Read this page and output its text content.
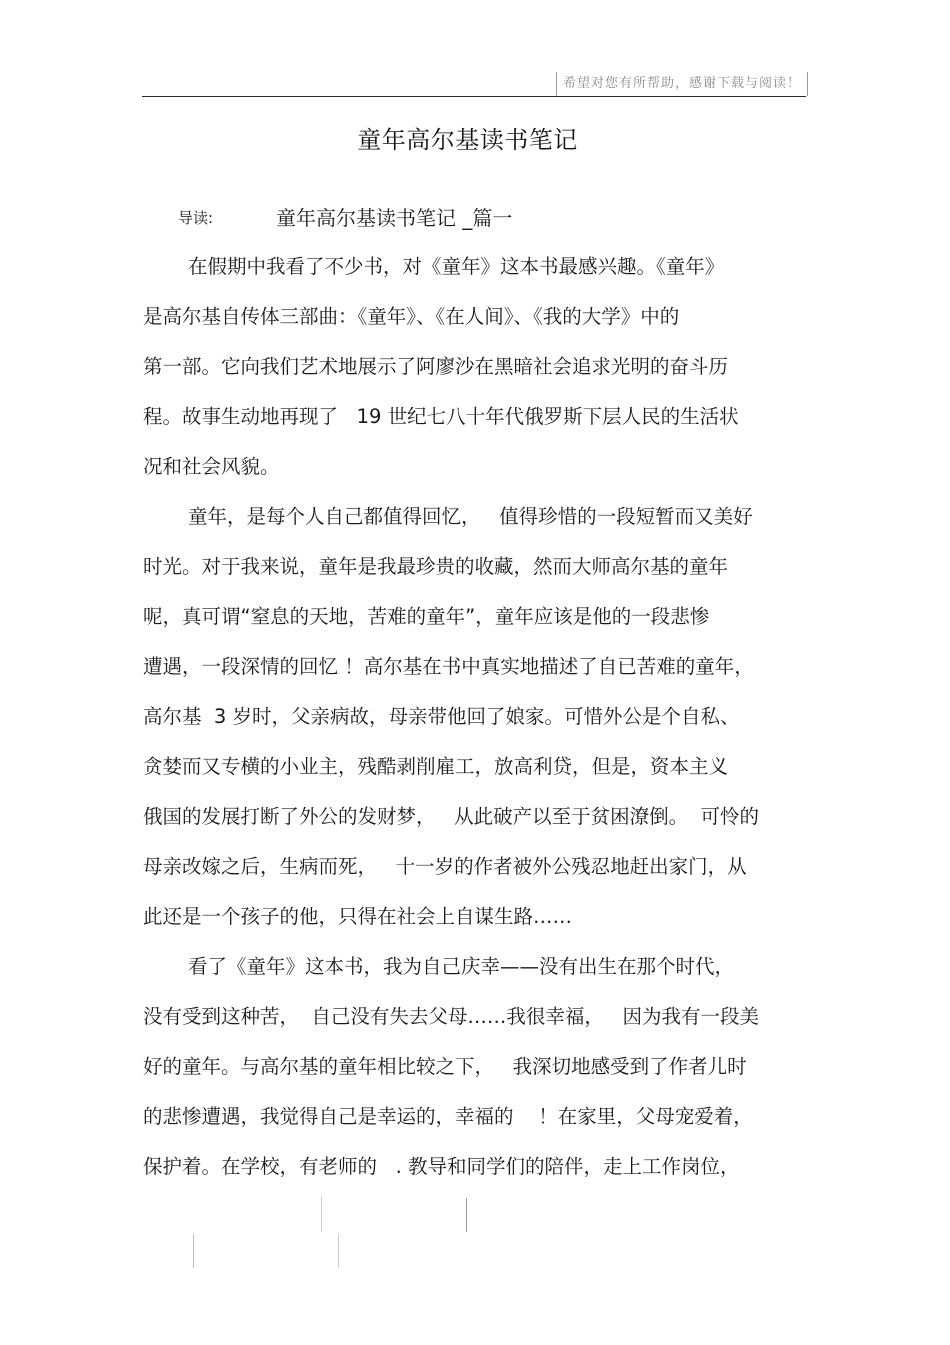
希望对您有所帮助，感谢下载与阅读！
童年高尔基读书笔记
导读:	童年高尔基读书笔记 _篇一
在假期中我看了不少书，对《童年》这本书最感兴趣。《童年》
是高尔基自传体三部曲：《童年》、《在人间》、《我的大学》中的
第一部。它向我们艺术地展示了阿廖沙在黑暗社会追求光明的奋斗历
程。故事生动地再现了   19 世纪七八十年代俄罗斯下层人民的生活状
况和社会风貌。
童年，是每个人自己都值得回忆，   值得珍惜的一段短暂而又美好
时光。对于我来说，童年是我最珍贵的收藏，然而大师高尔基的童年
呢，真可谓“窒息的天地，苦难的童年”，童年应该是他的一段悲惨
遭遇，一段深情的回忆 ！高尔基在书中真实地描述了自已苦难的童年，
高尔基  3 岁时，父亲病故，母亲带他回了娘家。可惜外公是个自私、
贪婪而又专横的小业主，残酷剥削雇工，放高利贷，但是，资本主义
俄国的发展打断了外公的发财梦，   从此破产以至于贫困潦倒。  可怜的
母亲改嫁之后，生病而死，   十一岁的作者被外公残忍地赶出家门，从
此还是一个孩子的他，只得在社会上自谋生路……
看了《童年》这本书，我为自己庆幸——没有出生在那个时代，
没有受到这种苦，  自己没有失去父母……我很幸福，   因为我有一段美
好的童年。与高尔基的童年相比较之下，   我深切地感受到了作者儿时
的悲惨遭遇，我觉得自己是幸运的，幸福的    ！在家里，父母宠爱着，
保护着。在学校，有老师的   . 教导和同学们的陪伴，走上工作岗位，
